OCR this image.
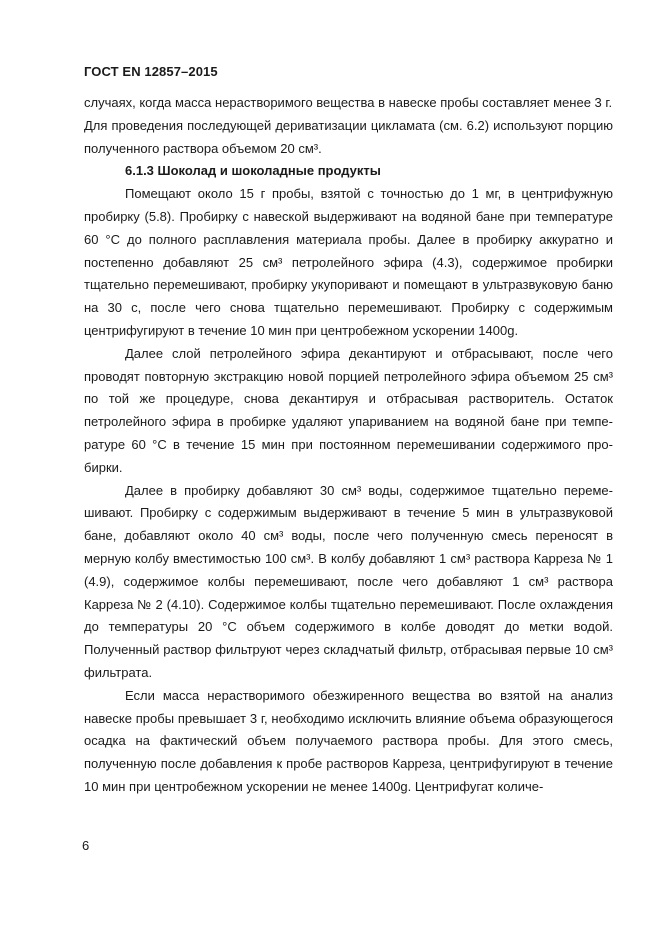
ГОСТ EN 12857–2015

случаях, когда масса нерастворимого вещества в навеске пробы составляет менее 3 г.

Для проведения последующей дериватизации цикламата (см. 6.2) используют порцию полученного раствора объемом 20 см³.

6.1.3 Шоколад и шоколадные продукты

Помещают около 15 г пробы, взятой с точностью до 1 мг, в центрифужную пробирку (5.8). Пробирку с навеской выдерживают на водяной бане при температуре 60 °С до полного расплавления материала пробы. Далее в пробирку аккуратно и постепенно добавляют 25 см³ петролейного эфира (4.3), содержимое пробирки тщательно перемешивают, пробирку укупоривают и помещают в ультразвуковую баню на 30 с, после чего снова тщательно перемешивают. Пробирку с содержимым центрифугируют в течение 10 мин при центробежном ускорении 1400g.

Далее слой петролейного эфира декантируют и отбрасывают, после чего проводят повторную экстракцию новой порцией петролейного эфира объемом 25 см³ по той же процедуре, снова декантируя и отбрасывая растворитель. Остаток петролейного эфира в пробирке удаляют упариванием на водяной бане при температуре 60 °С в течение 15 мин при постоянном перемешивании содержимого пробирки.

Далее в пробирку добавляют 30 см³ воды, содержимое тщательно перемешивают. Пробирку с содержимым выдерживают в течение 5 мин в ультразвуковой бане, добавляют около 40 см³ воды, после чего полученную смесь переносят в мерную колбу вместимостью 100 см³. В колбу добавляют 1 см³ раствора Карреза № 1 (4.9), содержимое колбы перемешивают, после чего добавляют 1 см³ раствора Карреза № 2 (4.10). Содержимое колбы тщательно перемешивают. После охлаждения до температуры 20 °С объем содержимого в колбе доводят до метки водой. Полученный раствор фильтруют через складчатый фильтр, отбрасывая первые 10 см³ фильтрата.

Если масса нерастворимого обезжиренного вещества во взятой на анализ навеске пробы превышает 3 г, необходимо исключить влияние объема образующегося осадка на фактический объем получаемого раствора пробы. Для этого смесь, полученную после добавления к пробе растворов Карреза, центрифугируют в течение 10 мин при центробежном ускорении не менее 1400g. Центрифугат количе-

6
